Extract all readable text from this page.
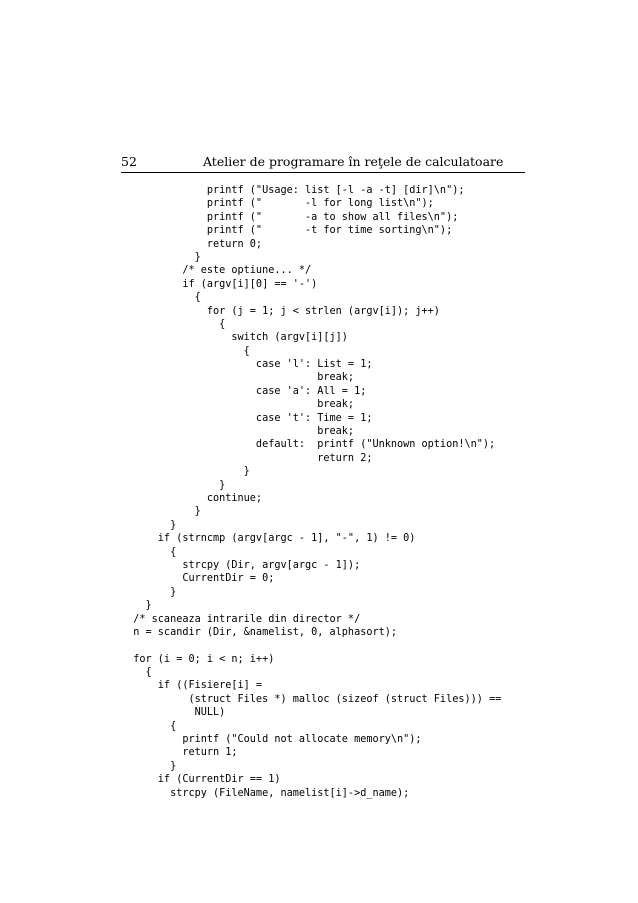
52	Atelier de programare în reţele de calculatoare
printf ("Usage: list [-l -a -t] [dir]\n");
printf ("       -l for long list\n");
printf ("       -a to show all files\n");
printf ("       -t for time sorting\n");
return 0;
}
/* este optiune... */
if (argv[i][0] == '-')
{
for (j = 1; j < strlen (argv[i]); j++)
{
switch (argv[i][j])
{
case 'l': List = 1;
break;
case 'a': All = 1;
break;
case 't': Time = 1;
break;
default:  printf ("Unknown option!\n");
return 2;
}
}
continue;
}
}
if (strncmp (argv[argc - 1], "-", 1) != 0)
{
strcpy (Dir, argv[argc - 1]);
CurrentDir = 0;
}
}
/* scaneaza intrarile din director */
n = scandir (Dir, &namelist, 0, alphasort);
for (i = 0; i < n; i++)
{
if ((Fisiere[i] =
(struct Files *) malloc (sizeof (struct Files))) ==
NULL)
{
printf ("Could not allocate memory\n");
return 1;
}
if (CurrentDir == 1)
strcpy (FileName, namelist[i]->d_name);
